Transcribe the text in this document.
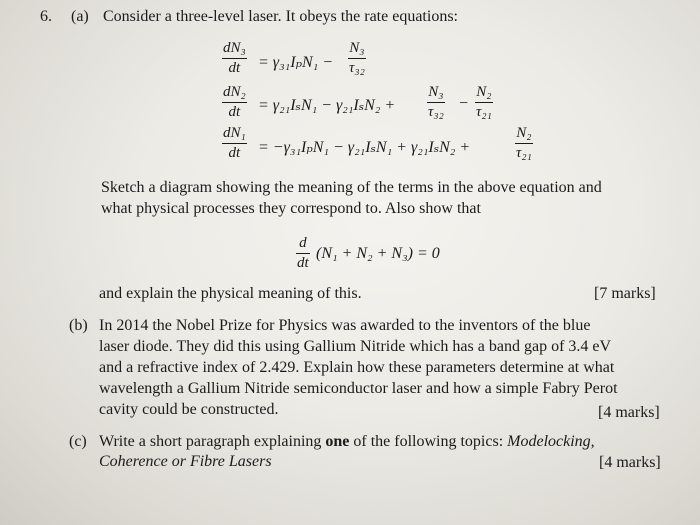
6. (a) Consider a three-level laser. It obeys the rate equations:
dN₃
dt = γ₃₁IₚN₁ −
N₃
τ₃₂
dN₂
dt = γ₂₁IₛN₁ − γ₂₁IₛN₂ +
N₃
τ₃₂ −
N₂
τ₂₁
dN₁
dt = −γ₃₁IₚN₁ − γ₂₁IₛN₁ + γ₂₁IₛN₂ +
N₂
τ₂₁
Sketch a diagram showing the meaning of the terms in the above equation and
what physical processes they correspond to. Also show that
d
dt
(N₁ + N₂ + N₃) = 0
and explain the physical meaning of this.	[7 marks]
(b) In 2014 the Nobel Prize for Physics was awarded to the inventors of the blue
laser diode. They did this using Gallium Nitride which has a band gap of 3.4 eV
and a refractive index of 2.429. Explain how these parameters determine at what
wavelength a Gallium Nitride semiconductor laser and how a simple Fabry Perot
cavity could be constructed.	[4 marks]
(c) Write a short paragraph explaining one of the following topics: Modelocking,
Coherence or Fibre Lasers	[4 marks]
